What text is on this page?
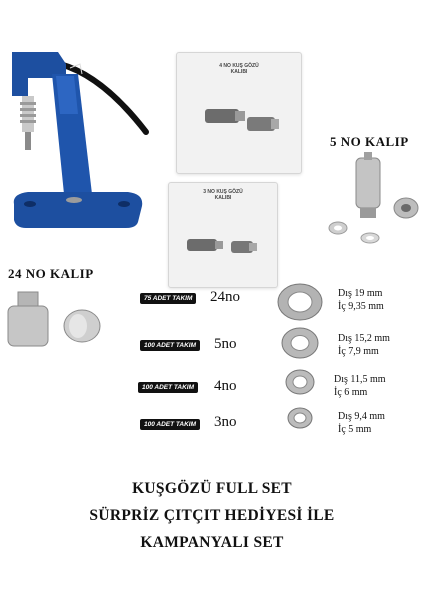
4 NO KUŞ GÖZÜ
KALIBI
3 NO KUŞ GÖZÜ
KALIBI
5 NO KALIP
24 NO KALIP
75 ADET TAKIM 24no	Dış 19 mm
İç 9,35 mm
100 ADET TAKIM 5no	Dış 15,2 mm
İç 7,9 mm
100 ADET TAKIM 4no	Dış 11,5 mm
İç 6 mm
100 ADET TAKIM 3no	Dış 9,4 mm
İç 5 mm
KUŞGÖZÜ FULL SET
SÜRPRİZ ÇITÇIT HEDİYESİ İLE
KAMPANYALI SET
